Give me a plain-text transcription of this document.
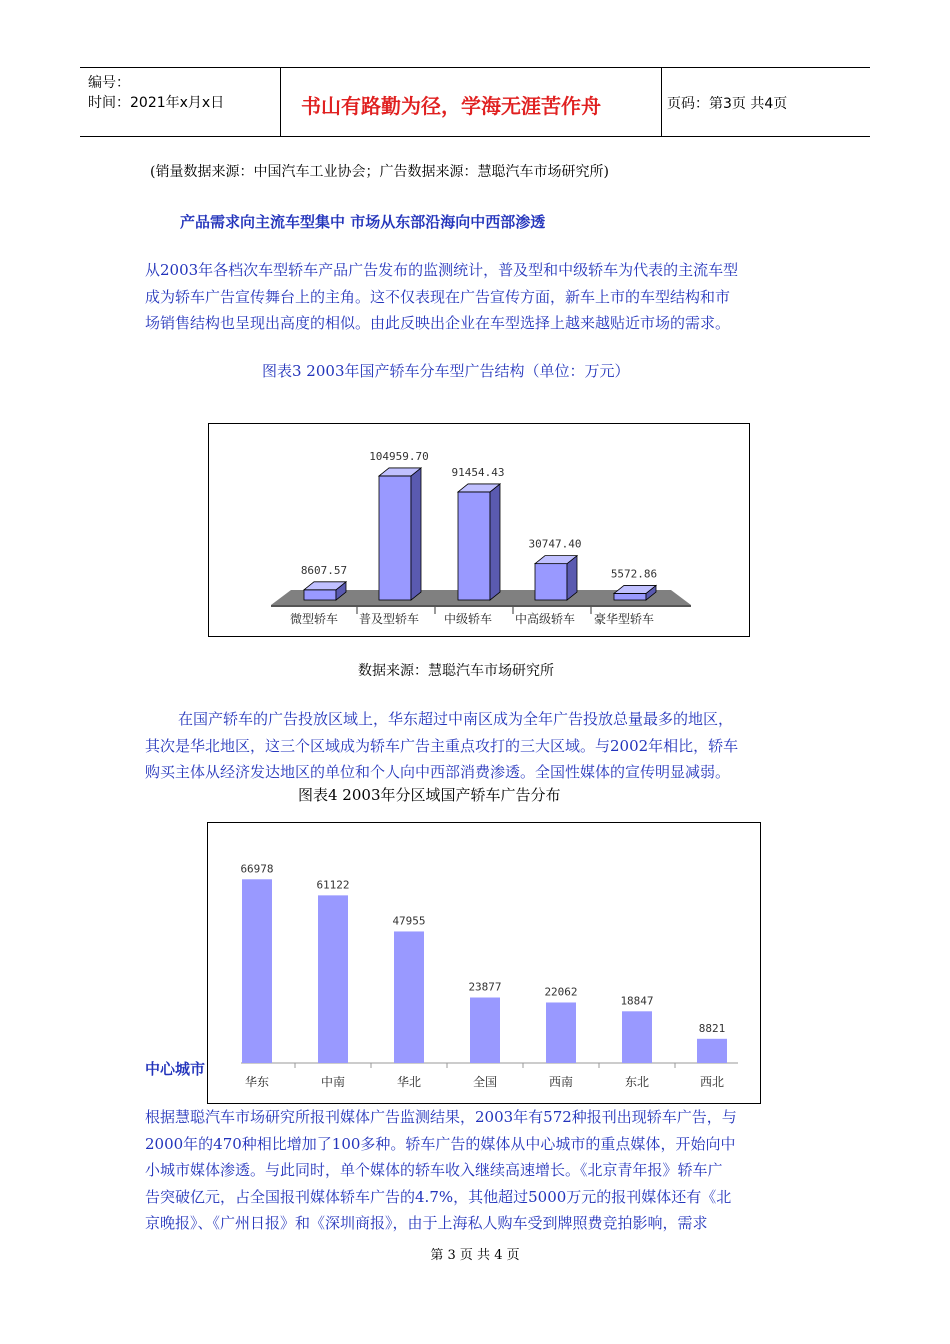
编号：
时间：2021年x月x日	书山有路勤为径，学海无涯苦作舟	页码：第3页 共4页
(销量数据来源：中国汽车工业协会；广告数据来源：慧聪汽车市场研究所)
产品需求向主流车型集中 市场从东部沿海向中西部渗透

从2003年各档次车型轿车产品广告发布的监测统计，普及型和中级轿车为代表的主流车型

成为轿车广告宣传舞台上的主角。这不仅表现在广告宣传方面，新车上市的车型结构和市

场销售结构也呈现出高度的相似。由此反映出企业在车型选择上越来越贴近市场的需求。

图表3 2003年国产轿车分车型广告结构（单位：万元）
8607.57
微型轿车
104959.70
普及型轿车
91454.43
中级轿车
30747.40
中高级轿车
5572.86
豪华型轿车
数据来源：慧聪汽车市场研究所

在国产轿车的广告投放区域上，华东超过中南区成为全年广告投放总量最多的地区，

其次是华北地区，这三个区域成为轿车广告主重点攻打的三大区域。与2002年相比，轿车

购买主体从经济发达地区的单位和个人向中西部消费渗透。全国性媒体的宣传明显减弱。

图表4 2003年分区域国产轿车广告分布
中心城市
66978
华东
61122
中南
47955
华北
23877
全国
22062
西南
18847
东北
8821
西北

根据慧聪汽车市场研究所报刊媒体广告监测结果，2003年有572种报刊出现轿车广告，与

2000年的470种相比增加了100多种。轿车广告的媒体从中心城市的重点媒体，开始向中

小城市媒体渗透。与此同时，单个媒体的轿车收入继续高速增长。《北京青年报》轿车广

告突破亿元，占全国报刊媒体轿车广告的4.7%，其他超过5000万元的报刊媒体还有《北

京晚报》、《广州日报》和《深圳商报》，由于上海私人购车受到牌照费竞拍影响，需求

第 3 页 共 4 页
